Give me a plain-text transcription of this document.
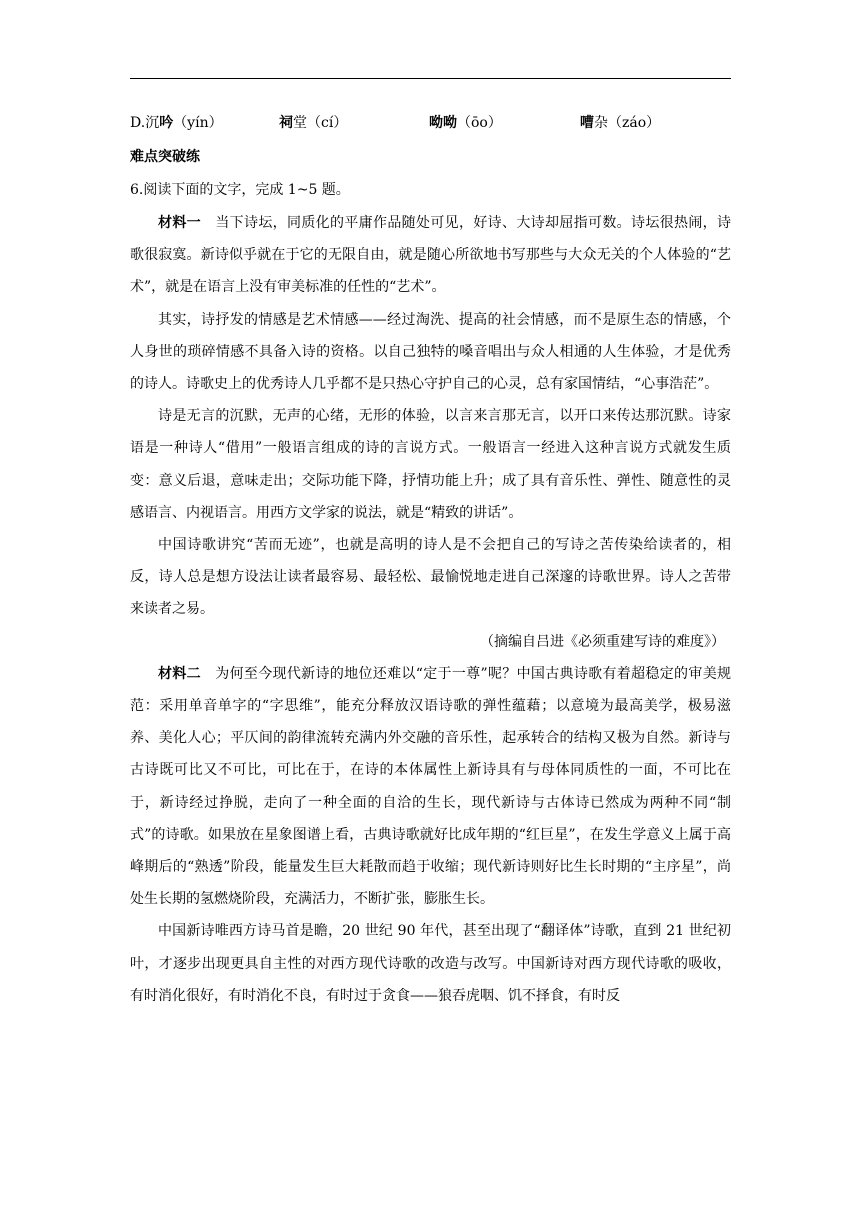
D.沉吟（yín）	祠堂（cí）	呦呦（ōo）	嘈杂（záo）
难点突破练
6.阅读下面的文字，完成 1~5 题。

材料一　 当下诗坛，同质化的平庸作品随处可见，好诗、大诗却屈指可数。诗坛很热闹，诗歌很寂寞。新诗似乎就在于它的无限自由，就是随心所欲地书写那些与大众无关的个人体验的“艺术”，就是在语言上没有审美标准的任性的“艺术”。

其实，诗抒发的情感是艺术情感——经过淘洗、提高的社会情感，而不是原生态的情感，个人身世的琐碎情感不具备入诗的资格。以自己独特的嗓音唱出与众人相通的人生体验，才是优秀的诗人。诗歌史上的优秀诗人几乎都不是只热心守护自己的心灵，总有家国情结，“心事浩茫”。

诗是无言的沉默，无声的心绪，无形的体验，以言来言那无言，以开口来传达那沉默。诗家语是一种诗人“借用”一般语言组成的诗的言说方式。一般语言一经进入这种言说方式就发生质变：意义后退，意味走出；交际功能下降，抒情功能上升；成了具有音乐性、弹性、随意性的灵感语言、内视语言。用西方文学家的说法，就是“精致的讲话”。

中国诗歌讲究“苦而无迹”，也就是高明的诗人是不会把自己的写诗之苦传染给读者的，相反，诗人总是想方设法让读者最容易、最轻松、最愉悦地走进自己深邃的诗歌世界。诗人之苦带来读者之易。

（摘编自吕进《必须重建写诗的难度》）

材料二　 为何至今现代新诗的地位还难以“定于一尊”呢？中国古典诗歌有着超稳定的审美规范：采用单音单字的“字思维”，能充分释放汉语诗歌的弹性蕴藉；以意境为最高美学，极易滋养、美化人心；平仄间的韵律流转充满内外交融的音乐性，起承转合的结构又极为自然。新诗与古诗既可比又不可比，可比在于，在诗的本体属性上新诗具有与母体同质性的一面，不可比在于，新诗经过挣脱，走向了一种全面的自洽的生长，现代新诗与古体诗已然成为两种不同“制式”的诗歌。如果放在星象图谱上看，古典诗歌就好比成年期的“红巨星”，在发生学意义上属于高峰期后的“熟透”阶段，能量发生巨大耗散而趋于收缩；现代新诗则好比生长时期的“主序星”，尚处生长期的氢燃烧阶段，充满活力，不断扩张，膨胀生长。

中国新诗唯西方诗马首是瞻，20 世纪 90 年代，甚至出现了“翻译体”诗歌，直到 21 世纪初叶，才逐步出现更具自主性的对西方现代诗歌的改造与改写。中国新诗对西方现代诗歌的吸收，有时消化很好，有时消化不良，有时过于贪食——狼吞虎咽、饥不择食，有时反
